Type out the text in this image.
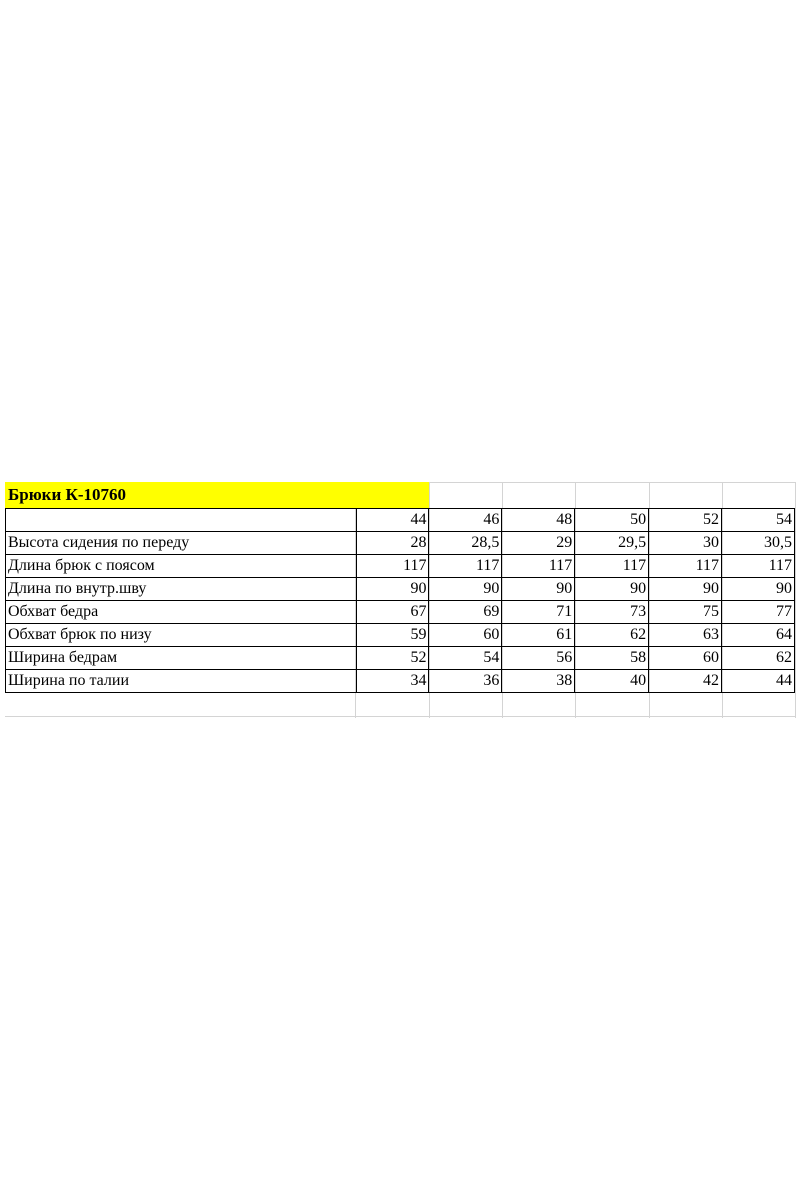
Брюки К-10760
	44	46	48	50	52	54
Высота сидения по переду	28	28,5	29	29,5	30	30,5
Длина брюк с поясом	117	117	117	117	117	117
Длина по внутр.шву	90	90	90	90	90	90
Обхват бедра	67	69	71	73	75	77
Обхват брюк по низу	59	60	61	62	63	64
Ширина бедрам	52	54	56	58	60	62
Ширина по талии	34	36	38	40	42	44
